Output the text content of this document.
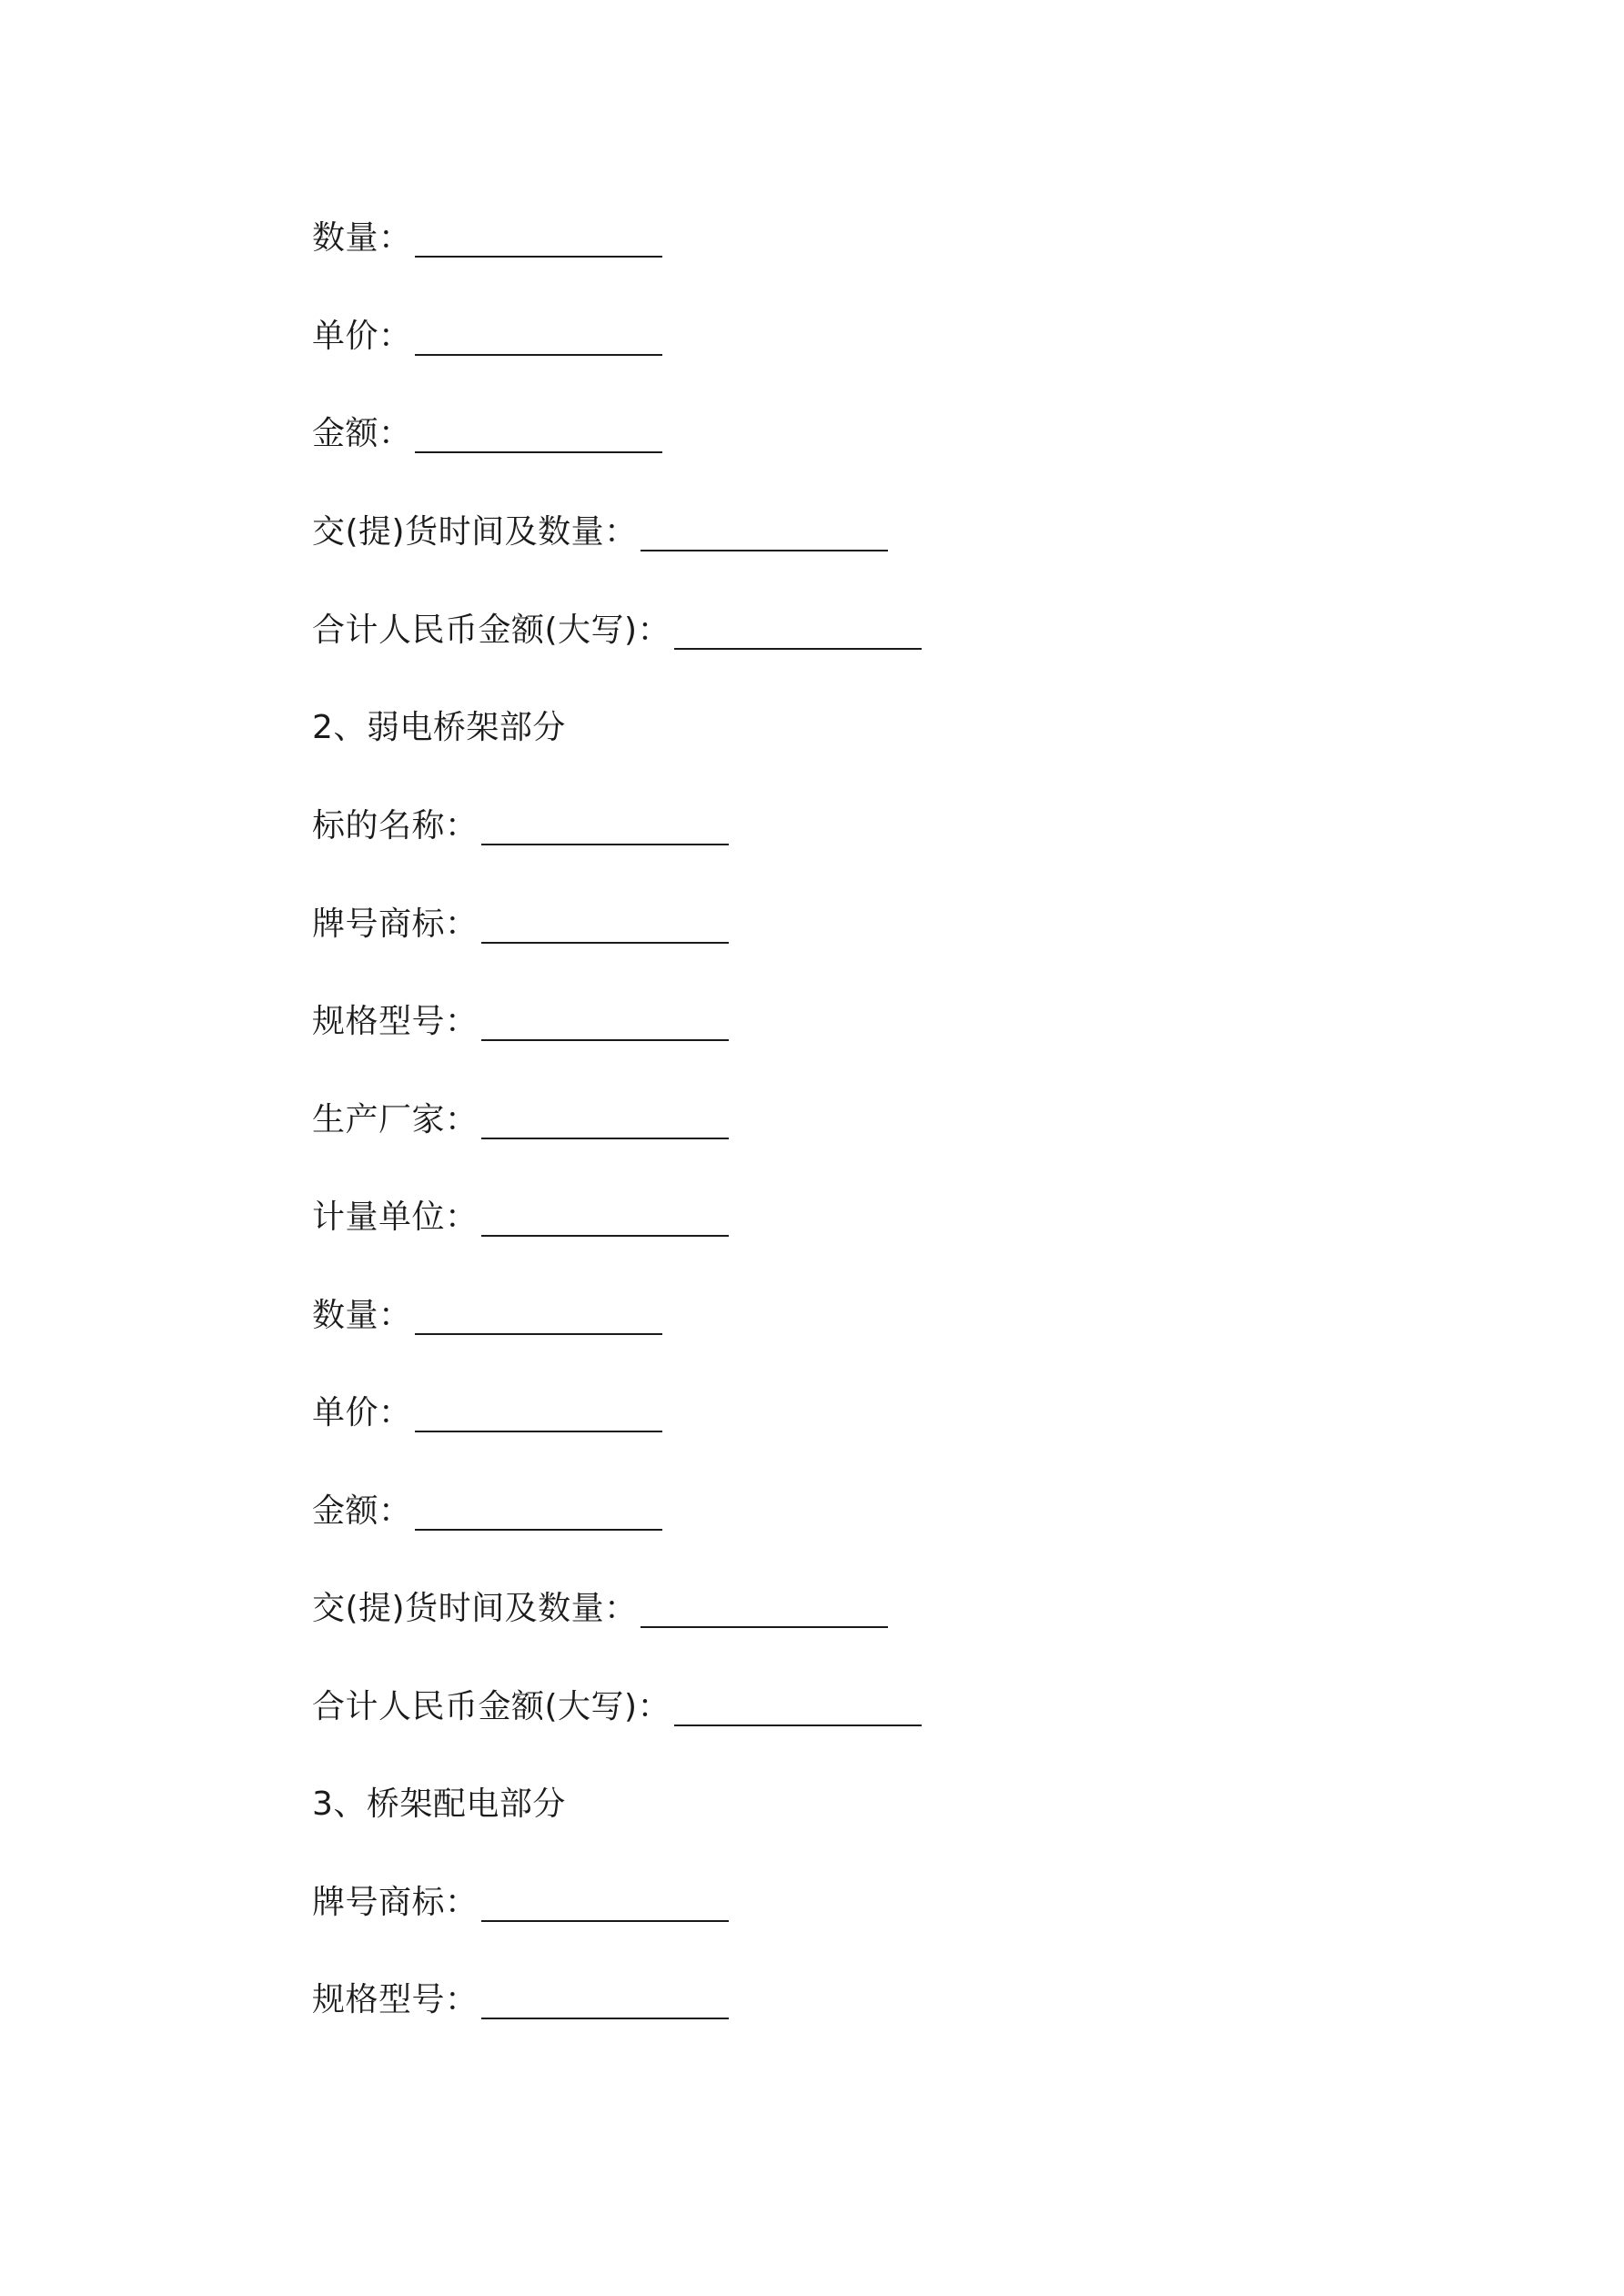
数量 ：
单价 ：
金额 ：
交(提)货时间及数量 ：
合计人民币金额(大写) ：
2、弱电桥架部分
标的名称 ：
牌号商标 ：
规格型号 ：
生产厂家 ：
计量单位 ：
数量 ：
单价 ：
金额 ：
交(提)货时间及数量 ：
合计人民币金额(大写) ：
3、桥架配电部分
牌号商标 ：
规格型号 ：
